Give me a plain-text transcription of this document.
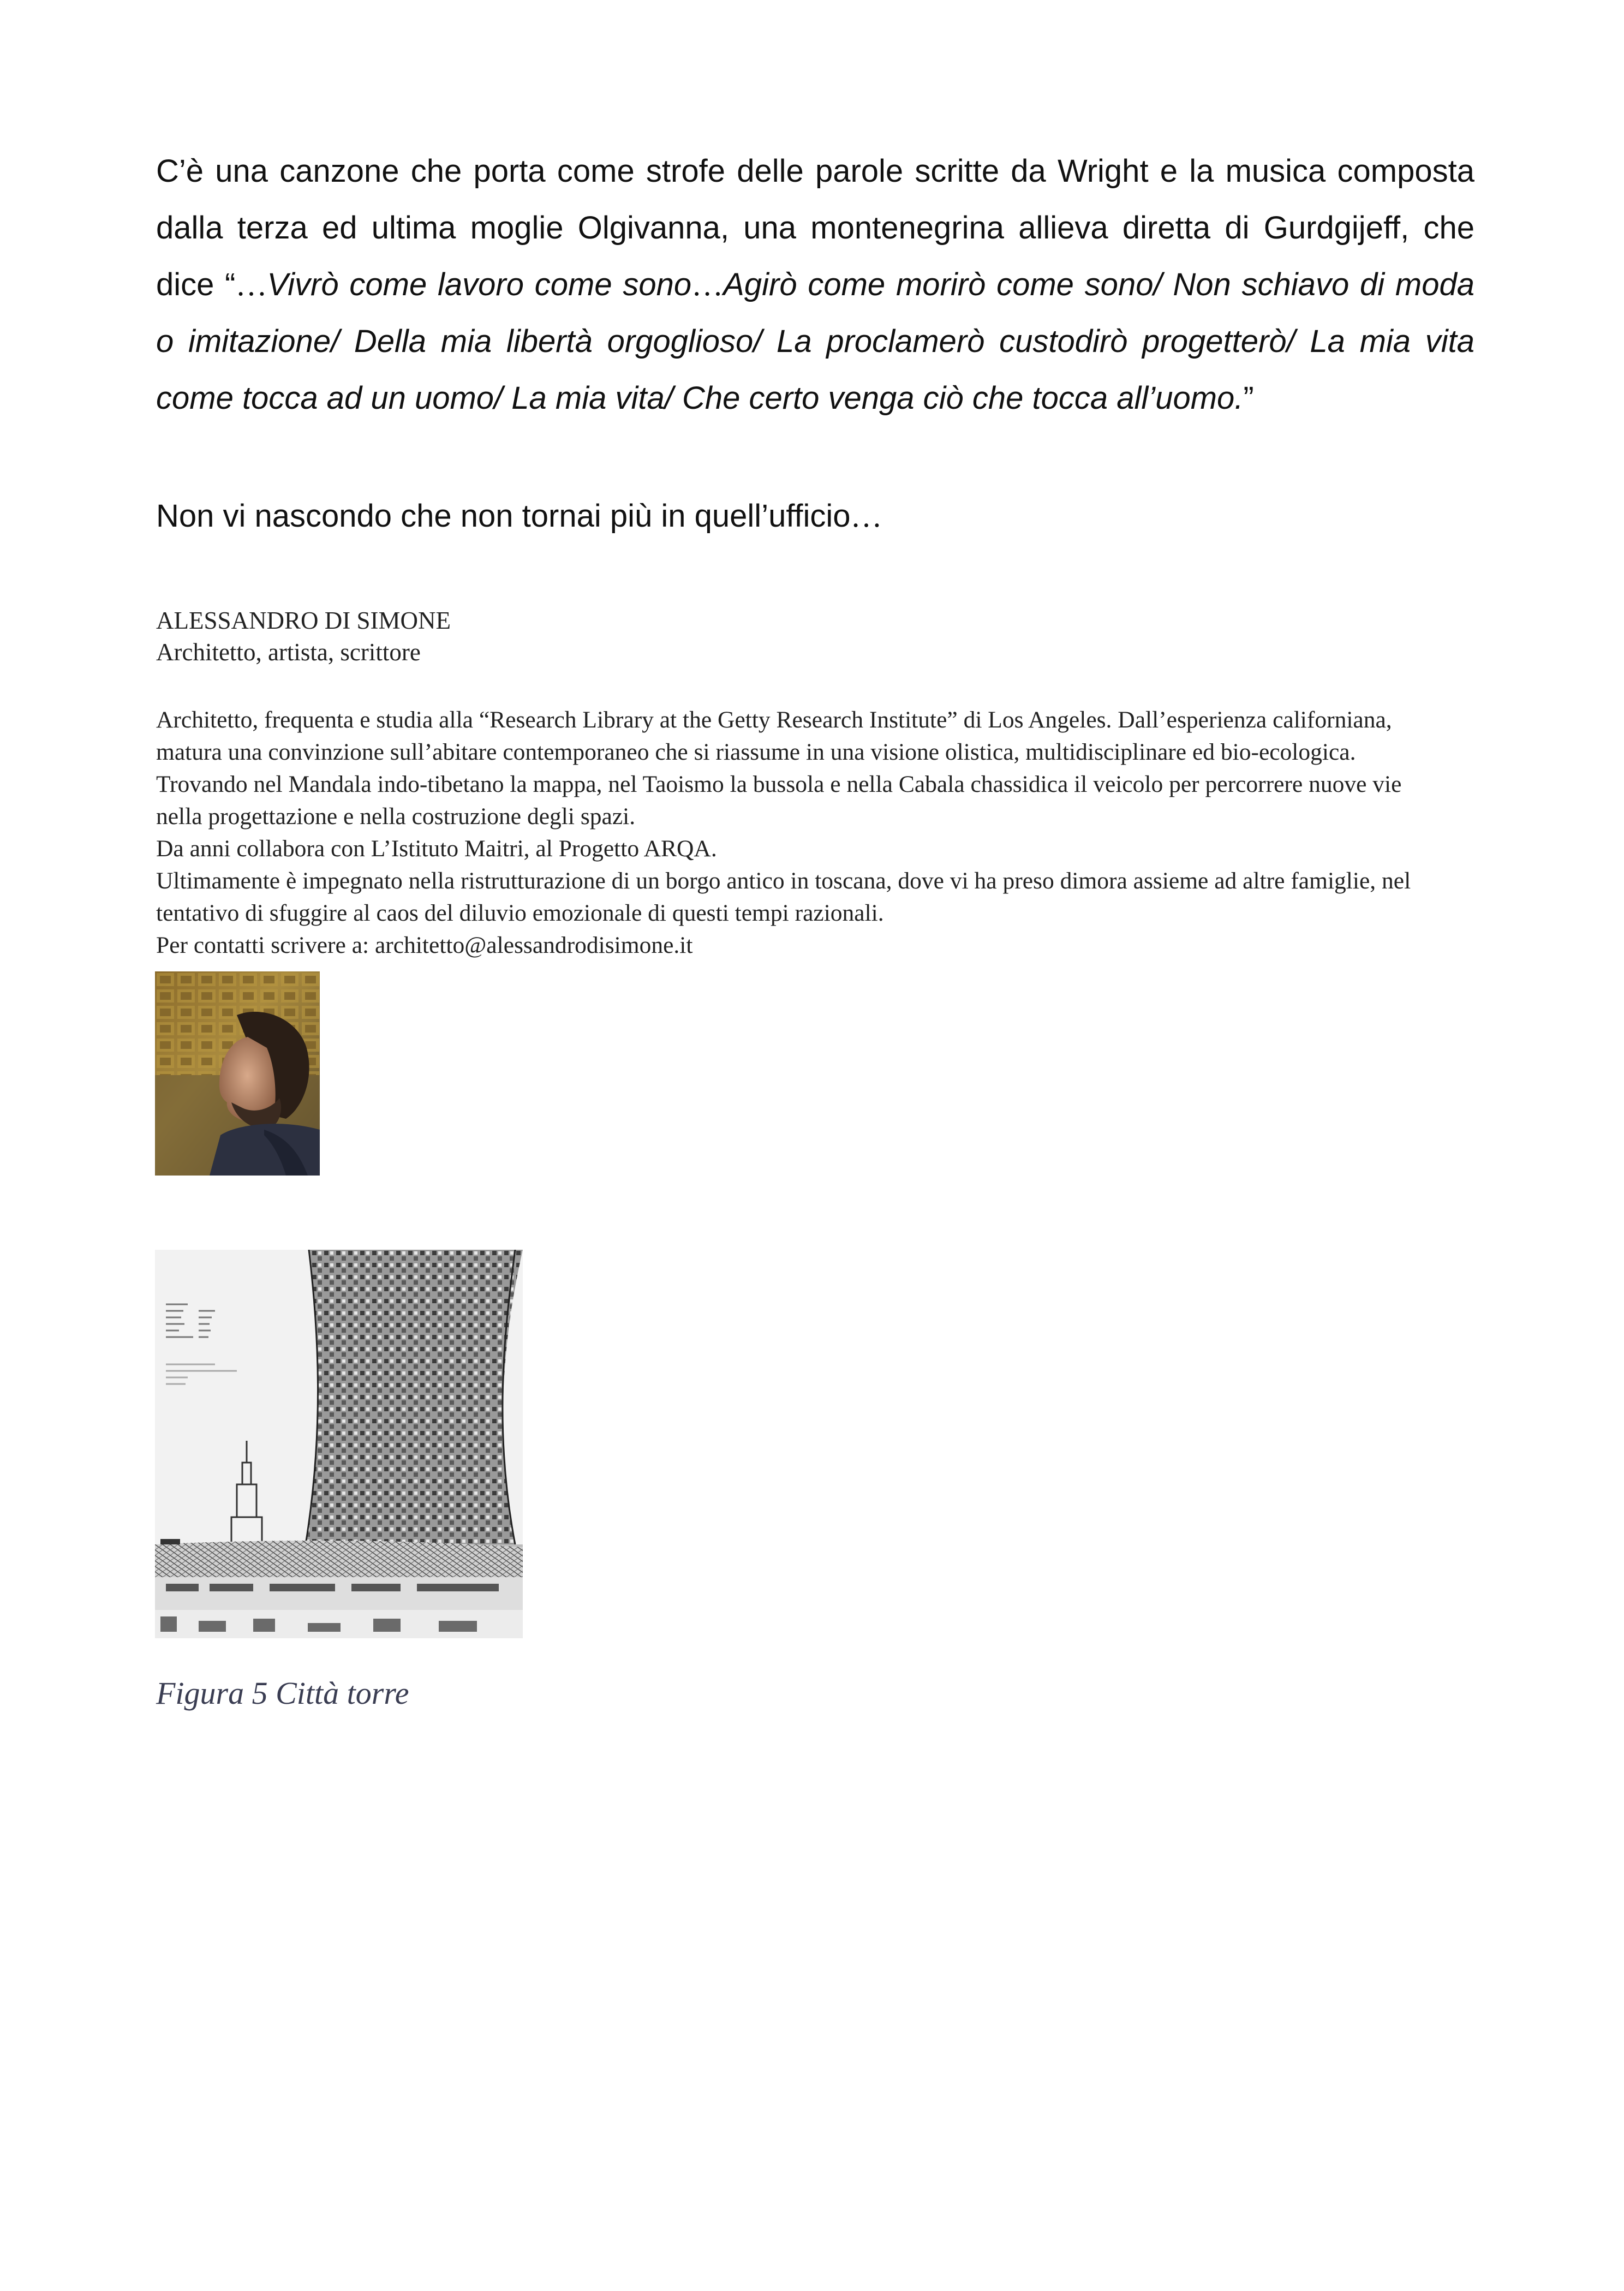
C’è una canzone che porta come strofe delle parole scritte da Wright e la musica composta dalla terza ed ultima moglie Olgivanna, una montenegrina allieva diretta di Gurdgijeff, che dice “…Vivrò come lavoro come sono…Agirò come morirò come sono/ Non schiavo di moda o imitazione/ Della mia libertà orgoglioso/ La proclamerò custodirò progetterò/ La mia vita come tocca ad un uomo/ La mia vita/ Che certo venga ciò che tocca all’uomo.”

Non vi nascondo che non tornai più in quell’ufficio…

ALESSANDRO DI SIMONE

Architetto, artista, scrittore

Architetto, frequenta e studia alla “Research Library at the Getty Research Institute” di Los Angeles. Dall’esperienza californiana,

matura una convinzione sull’abitare contemporaneo che si riassume in una visione olistica, multidisciplinare ed bio-ecologica.

Trovando nel Mandala indo-tibetano la mappa, nel Taoismo la bussola e nella Cabala chassidica il veicolo per percorrere nuove vie

nella progettazione e nella costruzione degli spazi.

Da anni collabora con L’Istituto Maitri, al Progetto ARQA.

Ultimamente è impegnato nella ristrutturazione di un borgo antico in toscana, dove vi ha preso dimora assieme ad altre famiglie, nel

tentativo di sfuggire al caos del diluvio emozionale di questi tempi razionali.

Per contatti scrivere a: architetto@alessandrodisimone.it

Figura 5 Città torre
